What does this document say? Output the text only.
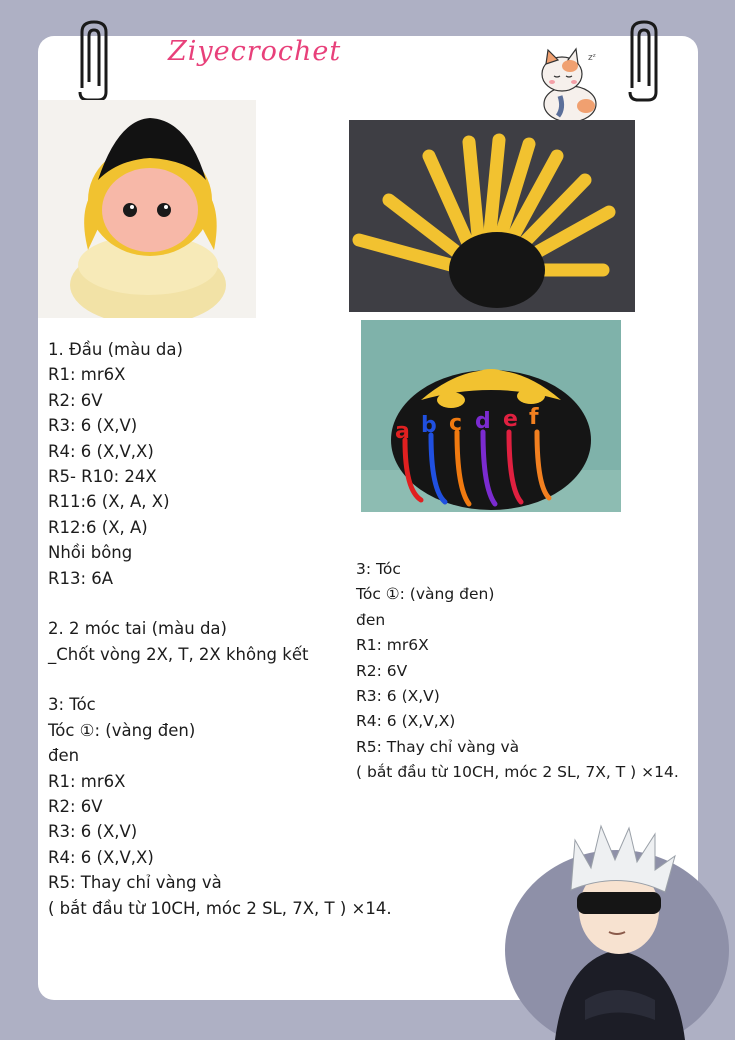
Ziyecrochet	zᶻ
a b c d e f
1. Đầu (màu da)
R1: mr6X
R2: 6V
R3: 6 (X,V)
R4: 6 (X,V,X)
R5- R10: 24X
R11:6 (X, A, X)
R12:6 (X, A)
Nhồi bông
R13: 6A
2. 2 móc tai (màu da)
_Chốt vòng 2X, T, 2X không kết
3: Tóc
Tóc ①: (vàng đen)
đen
R1: mr6X
R2: 6V
R3: 6 (X,V)
R4: 6 (X,V,X)
R5: Thay chỉ vàng và
( bắt đầu từ 10CH, móc 2 SL, 7X, T ) ×14.
3: Tóc
Tóc ①: (vàng đen)
đen
R1: mr6X
R2: 6V
R3: 6 (X,V)
R4: 6 (X,V,X)
R5: Thay chỉ vàng và
( bắt đầu từ 10CH, móc 2 SL, 7X, T ) ×14.
